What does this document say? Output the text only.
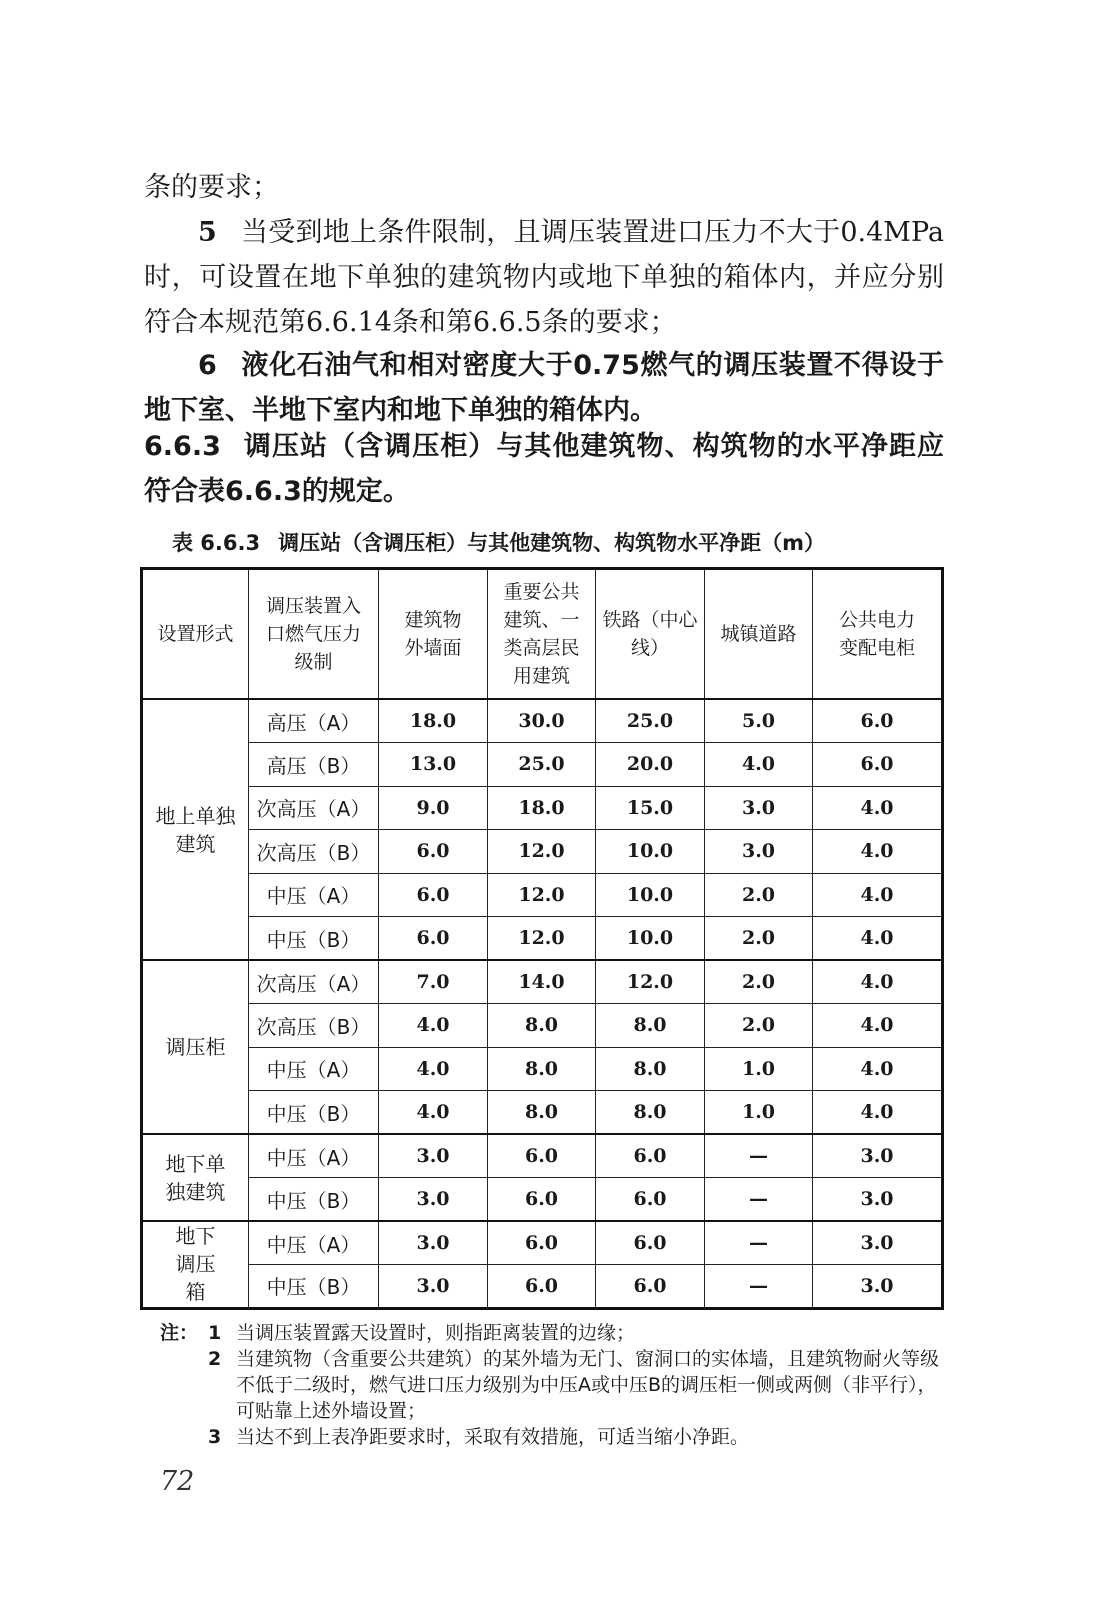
条的要求；

5 当受到地上条件限制，且调压装置进口压力不大于0.4MPa时，可设置在地下单独的建筑物内或地下单独的箱体内，并应分别符合本规范第6.6.14条和第6.6.5条的要求；

6 液化石油气和相对密度大于0.75燃气的调压装置不得设于地下室、半地下室内和地下单独的箱体内。

6.6.3 调压站（含调压柜）与其他建筑物、构筑物的水平净距应符合表6.6.3的规定。

表 6.6.3 调压站（含调压柜）与其他建筑物、构筑物水平净距（m）
设置形式	调压装置入口燃气压力级制	建筑物外墙面	重要公共建筑、一类高层民用建筑	铁路（中心线）	城镇道路	公共电力变配电柜

地上单独建筑	高压（A）	18.0	30.0	25.0	5.0	6.0
	高压（B）	13.0	25.0	20.0	4.0	6.0
	次高压（A）	9.0	18.0	15.0	3.0	4.0
	次高压（B）	6.0	12.0	10.0	3.0	4.0
	中压（A）	6.0	12.0	10.0	2.0	4.0
	中压（B）	6.0	12.0	10.0	2.0	4.0

调压柜	次高压（A）	7.0	14.0	12.0	2.0	4.0
	次高压（B）	4.0	8.0	8.0	2.0	4.0
	中压（A）	4.0	8.0	8.0	1.0	4.0
	中压（B）	4.0	8.0	8.0	1.0	4.0

地下单独建筑	中压（A）	3.0	6.0	6.0	—	3.0
	中压（B）	3.0	6.0	6.0	—	3.0

地下调压箱	中压（A）	3.0	6.0	6.0	—	3.0
	中压（B）	3.0	6.0	6.0	—	3.0
注： 1 当调压装置露天设置时，则指距离装置的边缘；
2 当建筑物（含重要公共建筑）的某外墙为无门、窗洞口的实体墙，且建筑物耐火等级不低于二级时，燃气进口压力级别为中压A或中压B的调压柜一侧或两侧（非平行），可贴靠上述外墙设置；
3 当达不到上表净距要求时，采取有效措施，可适当缩小净距。
72
